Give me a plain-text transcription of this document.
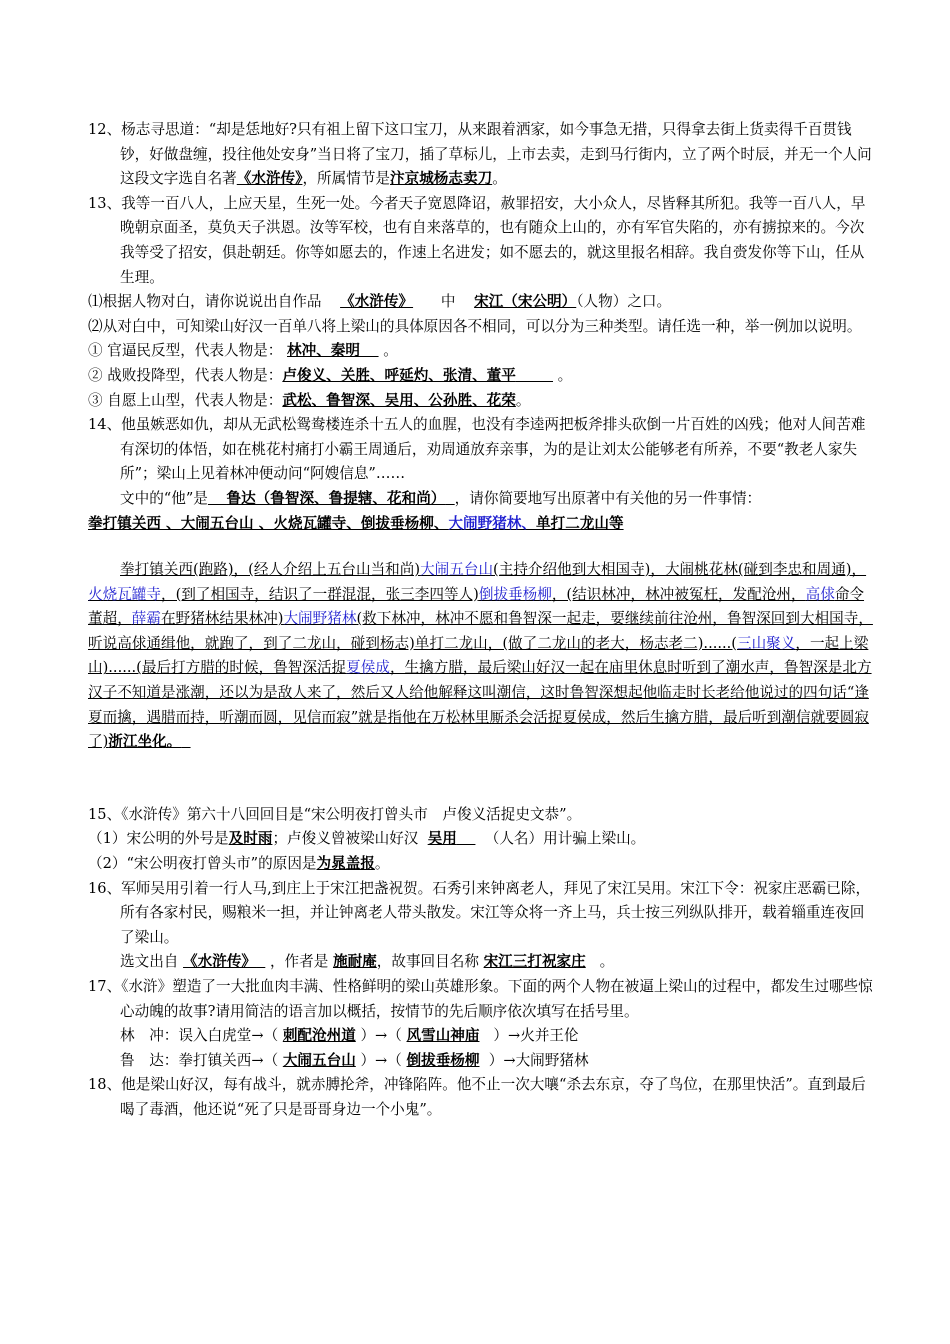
12、杨志寻思道：“却是恁地好?只有祖上留下这口宝刀，从来跟着洒家，如今事急无措，只得拿去街上货卖得千百贯钱钞，好做盘缠，投往他处安身”当日将了宝刀，插了草标儿，上市去卖，走到马行街内，立了两个时辰，并无一个人问

这段文字选自名著《水浒传》，所属情节是汴京城杨志卖刀。

13、我等一百八人，上应天星，生死一处。今者天子宽恩降诏，赦罪招安，大小众人，尽皆释其所犯。我等一百八人，早晚朝京面圣，莫负天子洪恩。汝等军校，也有自来落草的，也有随众上山的，亦有军官失陷的，亦有掳掠来的。今次我等受了招安，俱赴朝廷。你等如愿去的，作速上名进发；如不愿去的，就这里报名相辞。我自赍发你等下山，任从生理。

⑴根据人物对白，请你说说出自作品 《水浒传》 中 宋江（宋公明）（人物）之口。

⑵从对白中，可知梁山好汉一百单八将上梁山的具体原因各不相同，可以分为三种类型。请任选一种，举一例加以说明。

① 官逼民反型，代表人物是： 林冲、秦明 。

② 战败投降型，代表人物是：卢俊义、关胜、呼延灼、张清、董平	。

③ 自愿上山型，代表人物是：武松、鲁智深、吴用、公孙胜、花荣。

14、他虽嫉恶如仇，却从无武松鸳鸯楼连杀十五人的血腥，也没有李逵两把板斧排头砍倒一片百姓的凶残；他对人间苦难有深切的体悟，如在桃花村痛打小霸王周通后，劝周通放弃亲事，为的是让刘太公能够老有所养，不要“教老人家失所”；梁山上见着林冲便动问“阿嫂信息”……

文中的“他”是 鲁达（鲁智深、鲁提辖、花和尚） ，请你简要地写出原著中有关他的另一件事情：

拳打镇关西 、大闹五台山 、火烧瓦罐寺、倒拔垂杨柳、大闹野猪林、单打二龙山等

拳打镇关西(跑路)，(经人介绍上五台山当和尚)大闹五台山(主持介绍他到大相国寺)，大闹桃花林(碰到李忠和周通)，火烧瓦罐寺，(到了相国寺，结识了一群混混，张三李四等人)倒拔垂杨柳，(结识林冲，林冲被冤枉，发配沧州，高俅命令董超，薛霸在野猪林结果林冲)大闹野猪林(救下林冲，林冲不愿和鲁智深一起走，要继续前往沧州，鲁智深回到大相国寺，听说高俅通缉他，就跑了，到了二龙山，碰到杨志)单打二龙山，(做了二龙山的老大，杨志老二)......(三山聚义，一起上梁山)......(最后打方腊的时候，鲁智深活捉夏侯成，生擒方腊，最后梁山好汉一起在庙里休息时听到了潮水声，鲁智深是北方汉子不知道是涨潮，还以为是敌人来了，然后又人给他解释这叫潮信，这时鲁智深想起他临走时长老给他说过的四句话“逢夏而擒，遇腊而持，听潮而圆，见信而寂”就是指他在万松林里厮杀会活捉夏侯成，然后生擒方腊，最后听到潮信就要圆寂了)浙江坐化。

15、《水浒传》第六十八回回目是“宋公明夜打曾头市　卢俊义活捉史文恭”。

（1）宋公明的外号是及时雨；卢俊义曾被梁山好汉 吴用 （人名）用计骗上梁山。

（2）“宋公明夜打曾头市”的原因是为晁盖报。

16、军师吴用引着一行人马,到庄上于宋江把盏祝贺。石秀引来钟离老人，拜见了宋江吴用。宋江下令：祝家庄恶霸已除，所有各家村民，赐粮米一担，并让钟离老人带头散发。宋江等众将一齐上马，兵士按三列纵队排开，载着辎重连夜回了梁山。

选文出自 《水浒传》 ，作者是 施耐庵，故事回目名称 宋江三打祝家庄 。

17、《水浒》塑造了一大批血肉丰满、性格鲜明的梁山英雄形象。下面的两个人物在被逼上梁山的过程中，都发生过哪些惊心动魄的故事?请用简洁的语言加以概括，按情节的先后顺序依次填写在括号里。

林　冲：误入白虎堂→（ 刺配沧州道 ）→（ 风雪山神庙 ）→火并王伦

鲁　达：拳打镇关西→（ 大闹五台山 ）→（ 倒拔垂杨柳 ）→大闹野猪林

18、他是梁山好汉，每有战斗，就赤膊抡斧，冲锋陷阵。他不止一次大嚷“杀去东京，夺了鸟位，在那里快活”。直到最后喝了毒酒，他还说“死了只是哥哥身边一个小鬼”。
